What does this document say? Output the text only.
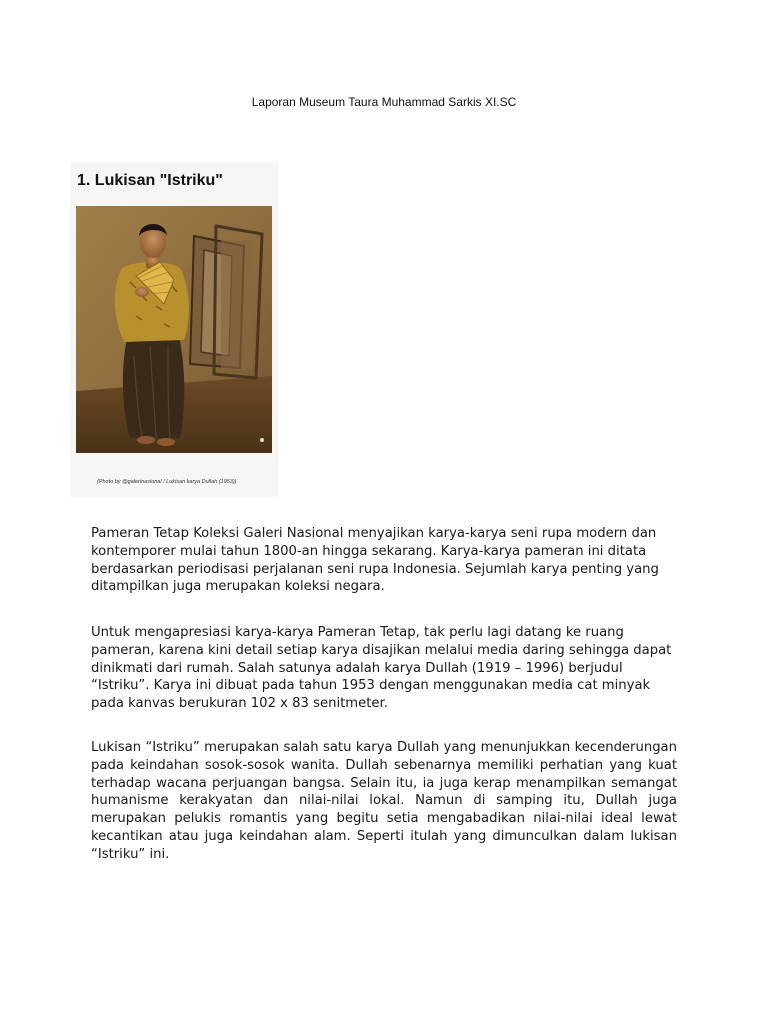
Laporan Museum Taura Muhammad Sarkis XI.SC
1. Lukisan "Istriku"
(Photo by @galerinasional / Lukisan karya Dullah (1953))

Pameran Tetap Koleksi Galeri Nasional menyajikan karya-karya seni rupa modern dan kontemporer mulai tahun 1800-an hingga sekarang. Karya-karya pameran ini ditata berdasarkan periodisasi perjalanan seni rupa Indonesia. Sejumlah karya penting yang ditampilkan juga merupakan koleksi negara.

Untuk mengapresiasi karya-karya Pameran Tetap, tak perlu lagi datang ke ruang pameran, karena kini detail setiap karya disajikan melalui media daring sehingga dapat dinikmati dari rumah. Salah satunya adalah karya Dullah (1919 – 1996) berjudul “Istriku”. Karya ini dibuat pada tahun 1953 dengan menggunakan media cat minyak pada kanvas berukuran 102 x 83 senitmeter.

Lukisan “Istriku” merupakan salah satu karya Dullah yang menunjukkan kecenderungan pada keindahan sosok-sosok wanita. Dullah sebenarnya memiliki perhatian yang kuat terhadap wacana perjuangan bangsa. Selain itu, ia juga kerap menampilkan semangat humanisme kerakyatan dan nilai-nilai lokal. Namun di samping itu, Dullah juga merupakan pelukis romantis yang begitu setia mengabadikan nilai-nilai ideal lewat kecantikan atau juga keindahan alam. Seperti itulah yang dimunculkan dalam lukisan “Istriku” ini.
